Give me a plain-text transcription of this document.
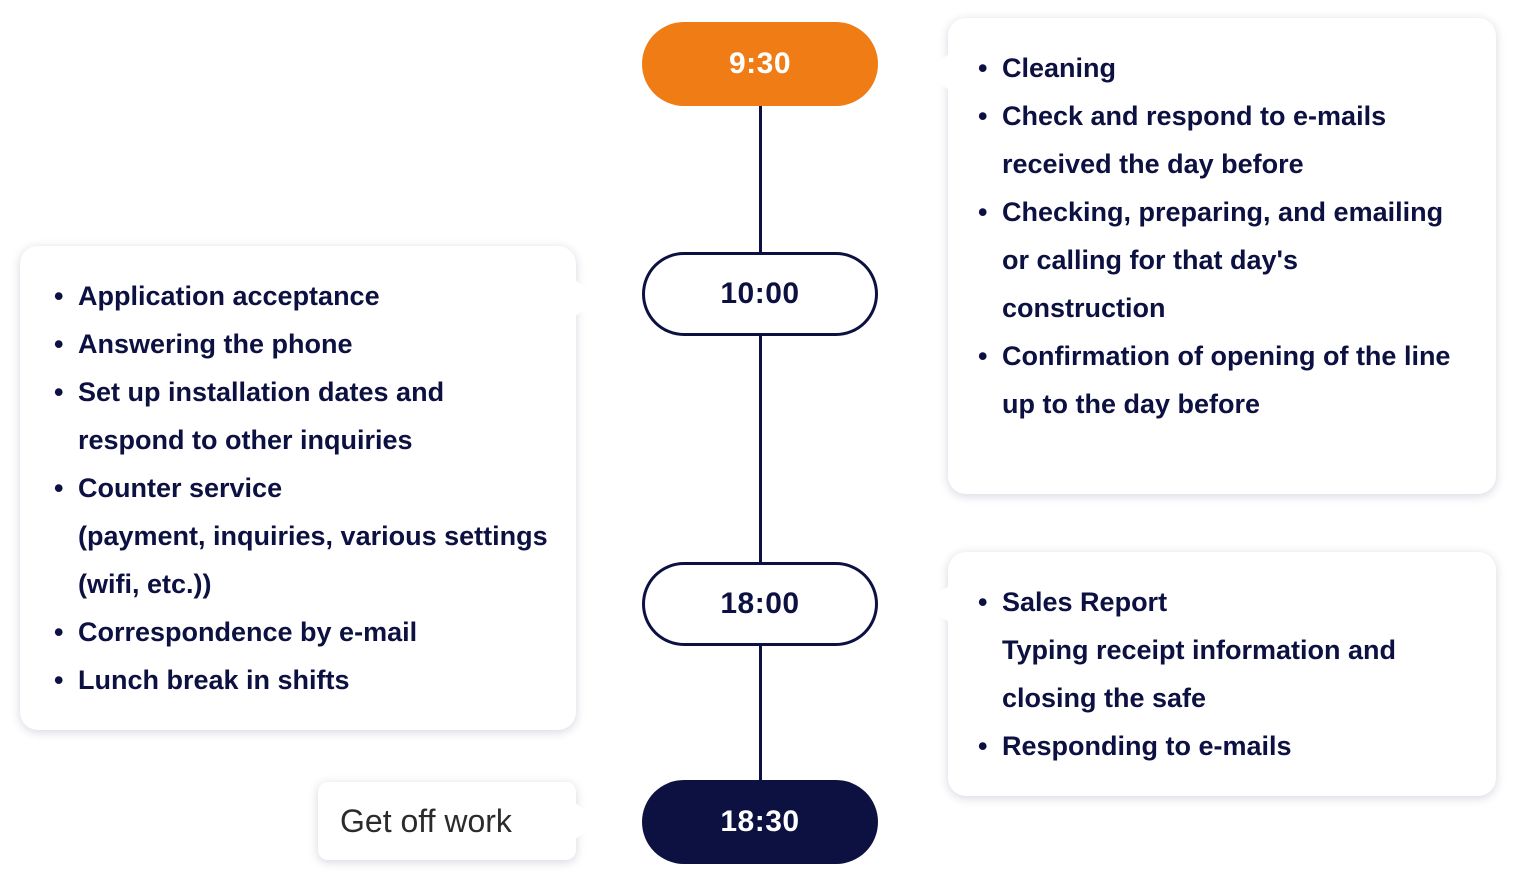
9:30
10:00
18:00
18:30
• Cleaning
• Check and respond to e-mails received the day before
• Checking, preparing, and emailing or calling for that day's construction
• Confirmation of opening of the line up to the day before
• Application acceptance
• Answering the phone
• Set up installation dates and respond to other inquiries
• Counter service
(payment, inquiries, various settings (wifi, etc.))
• Correspondence by e-mail
• Lunch break in shifts
• Sales Report
Typing receipt information and closing the safe
• Responding to e-mails
Get off work
